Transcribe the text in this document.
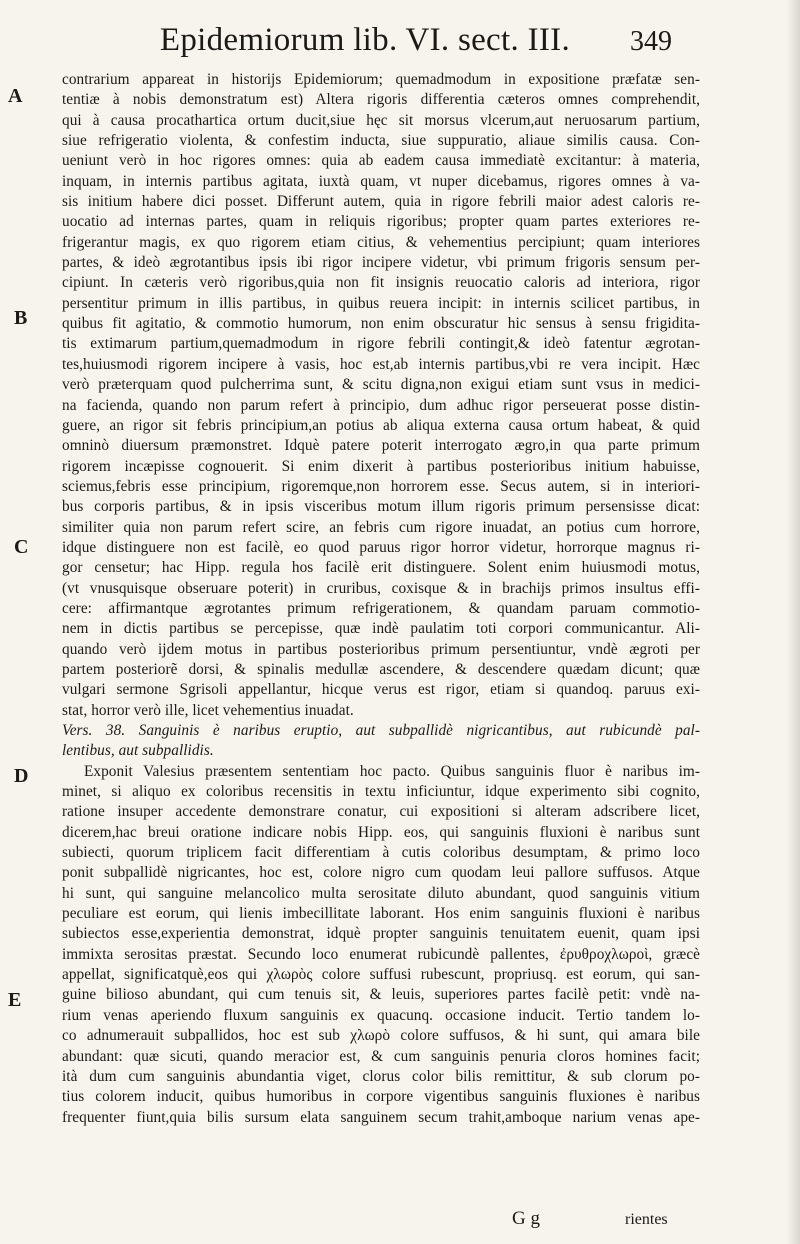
Epidemiorum lib. VI. sect. III. 349
A
B
C
D
E
contrarium appareat in historijs Epidemiorum; quemadmodum in expositione præfatæ sen-
tentiæ à nobis demonstratum est) Altera rigoris differentia cæteros omnes comprehendit,
qui à causa procathartica ortum ducit,siue hęc sit morsus vlcerum,aut neruosarum partium,
siue refrigeratio violenta, & confestim inducta, siue suppuratio, aliaue similis causa. Con-
ueniunt verò in hoc rigores omnes: quia ab eadem causa immediatè excitantur: à materia,
inquam, in internis partibus agitata, iuxtà quam, vt nuper dicebamus, rigores omnes à va-
sis initium habere dici posset. Differunt autem, quia in rigore febrili maior adest caloris re-
uocatio ad internas partes, quam in reliquis rigoribus; propter quam partes exteriores re-
frigerantur magis, ex quo rigorem etiam citius, & vehementius percipiunt; quam interiores
partes, & ideò ægrotantibus ipsis ibi rigor incipere videtur, vbi primum frigoris sensum per-
cipiunt. In cæteris verò rigoribus,quia non fit insignis reuocatio caloris ad interiora, rigor
persentitur primum in illis partibus, in quibus reuera incipit: in internis scilicet partibus, in
quibus fit agitatio, & commotio humorum, non enim obscuratur hic sensus à sensu frigidita-
tis extimarum partium,quemadmodum in rigore febrili contingit,& ideò fatentur ægrotan-
tes,huiusmodi rigorem incipere à vasis, hoc est,ab internis partibus,vbi re vera incipit. Hæc
verò præterquam quod pulcherrima sunt, & scitu digna,non exigui etiam sunt vsus in medici-
na facienda, quando non parum refert à principio, dum adhuc rigor perseuerat posse distin-
guere, an rigor sit febris principium,an potius ab aliqua externa causa ortum habeat, & quid
omninò diuersum præmonstret. Idquè patere poterit interrogato ægro,in qua parte primum
rigorem incæpisse cognouerit. Si enim dixerit à partibus posterioribus initium habuisse,
sciemus,febris esse principium, rigoremque,non horrorem esse. Secus autem, si in interiori-
bus corporis partibus, & in ipsis visceribus motum illum rigoris primum persensisse dicat:
similiter quia non parum refert scire, an febris cum rigore inuadat, an potius cum horrore,
idque distinguere non est facilè, eo quod paruus rigor horror videtur, horrorque magnus ri-
gor censetur; hac Hipp. regula hos facilè erit distinguere. Solent enim huiusmodi motus,
(vt vnusquisque obseruare poterit) in cruribus, coxisque & in brachijs primos insultus effi-
cere: affirmantque ægrotantes primum refrigerationem, & quandam paruam commotio-
nem in dictis partibus se percepisse, quæ indè paulatim toti corpori communicantur. Ali-
quando verò ijdem motus in partibus posterioribus primum persentiuntur, vndè ægroti per
partem posteriorẽ dorsi, & spinalis medullæ ascendere, & descendere quædam dicunt; quæ
vulgari sermone Sgrisoli appellantur, hicque verus est rigor, etiam si quandoq. paruus exi-
stat, horror verò ille, licet vehementius inuadat.
Vers. 38. Sanguinis è naribus eruptio, aut subpallidè nigricantibus, aut rubicundè pal-
lentibus, aut subpallidis.
Exponit Valesius præsentem sententiam hoc pacto. Quibus sanguinis fluor è naribus im-
minet, si aliquo ex coloribus recensitis in textu inficiuntur, idque experimento sibi cognito,
ratione insuper accedente demonstrare conatur, cui expositioni si alteram adscribere licet,
dicerem,hac breui oratione indicare nobis Hipp. eos, qui sanguinis fluxioni è naribus sunt
subiecti, quorum triplicem facit differentiam à cutis coloribus desumptam, & primo loco
ponit subpallidè nigricantes, hoc est, colore nigro cum quodam leui pallore suffusos. Atque
hi sunt, qui sanguine melancolico multa serositate diluto abundant, quod sanguinis vitium
peculiare est eorum, qui lienis imbecillitate laborant. Hos enim sanguinis fluxioni è naribus
subiectos esse,experientia demonstrat, idquè propter sanguinis tenuitatem euenit, quam ipsi
immixta serositas præstat. Secundo loco enumerat rubicundè pallentes, ἐρυθροχλωροὶ, græcè
appellat, significatquè,eos qui χλωρὸς colore suffusi rubescunt, propriusq. est eorum, qui san-
guine bilioso abundant, qui cum tenuis sit, & leuis, superiores partes facilè petit: vndè na-
rium venas aperiendo fluxum sanguinis ex quacunq. occasione inducit. Tertio tandem lo-
co adnumerauit subpallidos, hoc est sub χλωρὸ colore suffusos, & hi sunt, qui amara bile
abundant: quæ sicuti, quando meracior est, & cum sanguinis penuria cloros homines facit;
ità dum cum sanguinis abundantia viget, clorus color bilis remittitur, & sub clorum po-
tius colorem inducit, quibus humoribus in corpore vigentibus sanguinis fluxiones è naribus
frequenter fiunt,quia bilis sursum elata sanguinem secum trahit,amboque narium venas ape-
G g	rientes
